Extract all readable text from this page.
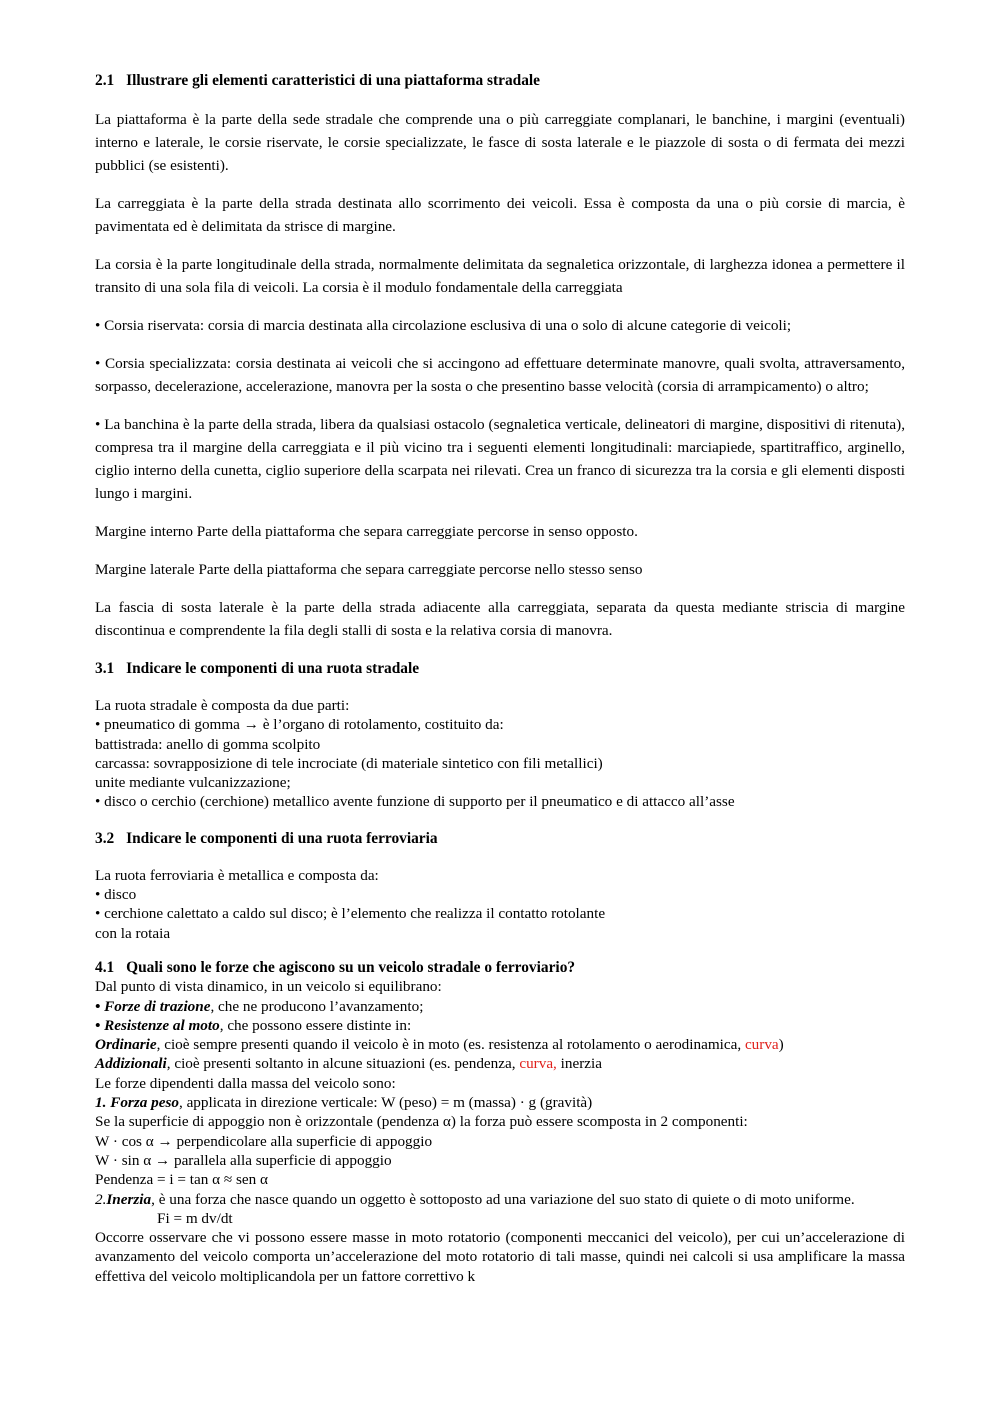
2.1 Illustrare gli elementi caratteristici di una piattaforma stradale

La piattaforma è la parte della sede stradale che comprende una o più carreggiate complanari, le banchine, i margini (eventuali) interno e laterale, le corsie riservate, le corsie specializzate, le fasce di sosta laterale e le piazzole di sosta o di fermata dei mezzi pubblici (se esistenti).

La carreggiata è la parte della strada destinata allo scorrimento dei veicoli. Essa è composta da una o più corsie di marcia, è pavimentata ed è delimitata da strisce di margine.

La corsia è la parte longitudinale della strada, normalmente delimitata da segnaletica orizzontale, di larghezza idonea a permettere il transito di una sola fila di veicoli. La corsia è il modulo fondamentale della carreggiata

• Corsia riservata: corsia di marcia destinata alla circolazione esclusiva di una o solo di alcune categorie di veicoli;

• Corsia specializzata: corsia destinata ai veicoli che si accingono ad effettuare determinate manovre, quali svolta, attraversamento, sorpasso, decelerazione, accelerazione, manovra per la sosta o che presentino basse velocità (corsia di arrampicamento) o altro;

• La banchina è la parte della strada, libera da qualsiasi ostacolo (segnaletica verticale, delineatori di margine, dispositivi di ritenuta), compresa tra il margine della carreggiata e il più vicino tra i seguenti elementi longitudinali: marciapiede, spartitraffico, arginello, ciglio interno della cunetta, ciglio superiore della scarpata nei rilevati. Crea un franco di sicurezza tra la corsia e gli elementi disposti lungo i margini.

Margine interno Parte della piattaforma che separa carreggiate percorse in senso opposto.

Margine laterale Parte della piattaforma che separa carreggiate percorse nello stesso senso

La fascia di sosta laterale è la parte della strada adiacente alla carreggiata, separata da questa mediante striscia di margine discontinua e comprendente la fila degli stalli di sosta e la relativa corsia di manovra.

3.1 Indicare le componenti di una ruota stradale
La ruota stradale è composta da due parti:
• pneumatico di gomma → è l’organo di rotolamento, costituito da:
battistrada: anello di gomma scolpito
carcassa: sovrapposizione di tele incrociate (di materiale sintetico con fili metallici)
unite mediante vulcanizzazione;
• disco o cerchio (cerchione) metallico avente funzione di supporto per il pneumatico e di attacco all’asse
3.2 Indicare le componenti di una ruota ferroviaria
La ruota ferroviaria è metallica e composta da:
• disco
• cerchione calettato a caldo sul disco; è l’elemento che realizza il contatto rotolante
con la rotaia
4.1 Quali sono le forze che agiscono su un veicolo stradale o ferroviario?
Dal punto di vista dinamico, in un veicolo si equilibrano:
• Forze di trazione, che ne producono l’avanzamento;
• Resistenze al moto, che possono essere distinte in:
Ordinarie, cioè sempre presenti quando il veicolo è in moto (es. resistenza al rotolamento o aerodinamica, curva)
Addizionali, cioè presenti soltanto in alcune situazioni (es. pendenza, curva, inerzia
Le forze dipendenti dalla massa del veicolo sono:
1. Forza peso, applicata in direzione verticale: W (peso) = m (massa) · g (gravità)
Se la superficie di appoggio non è orizzontale (pendenza α) la forza può essere scomposta in 2 componenti:
W · cos α → perpendicolare alla superficie di appoggio
W · sin α → parallela alla superficie di appoggio
Pendenza = i = tan α ≈ sen α
2.Inerzia, è una forza che nasce quando un oggetto è sottoposto ad una variazione del suo stato di quiete o di moto uniforme.
Fi = m dv/dt
Occorre osservare che vi possono essere masse in moto rotatorio (componenti meccanici del veicolo), per cui un’accelerazione di avanzamento del veicolo comporta un’accelerazione del moto rotatorio di tali masse, quindi nei calcoli si usa amplificare la massa effettiva del veicolo moltiplicandola per un fattore correttivo k
